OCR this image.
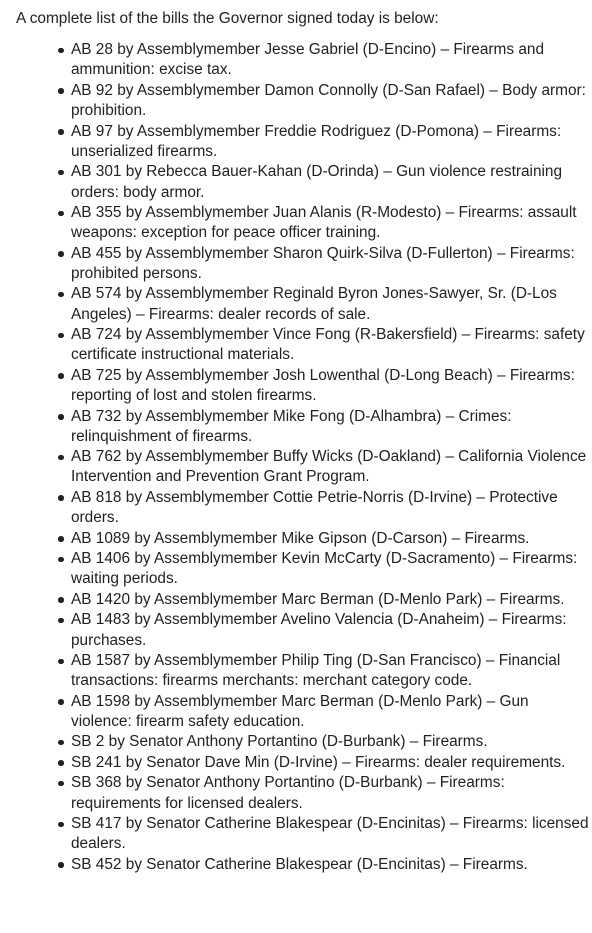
A complete list of the bills the Governor signed today is below:

AB 28 by Assemblymember Jesse Gabriel (D-Encino) – Firearms and ammunition: excise tax.
AB 92 by Assemblymember Damon Connolly (D-San Rafael) – Body armor: prohibition.
AB 97 by Assemblymember Freddie Rodriguez (D-Pomona) – Firearms: unserialized firearms.
AB 301 by Rebecca Bauer-Kahan (D-Orinda) – Gun violence restraining orders: body armor.
AB 355 by Assemblymember Juan Alanis (R-Modesto) – Firearms: assault weapons: exception for peace officer training.
AB 455 by Assemblymember Sharon Quirk-Silva (D-Fullerton) – Firearms: prohibited persons.
AB 574 by Assemblymember Reginald Byron Jones-Sawyer, Sr. (D-Los Angeles) – Firearms: dealer records of sale.
AB 724 by Assemblymember Vince Fong (R-Bakersfield) – Firearms: safety certificate instructional materials.
AB 725 by Assemblymember Josh Lowenthal (D-Long Beach) – Firearms: reporting of lost and stolen firearms.
AB 732 by Assemblymember Mike Fong (D-Alhambra) – Crimes: relinquishment of firearms.
AB 762 by Assemblymember Buffy Wicks (D-Oakland) – California Violence Intervention and Prevention Grant Program.
AB 818 by Assemblymember Cottie Petrie-Norris (D-Irvine) – Protective orders.
AB 1089 by Assemblymember Mike Gipson (D-Carson) – Firearms.
AB 1406 by Assemblymember Kevin McCarty (D-Sacramento) – Firearms: waiting periods.
AB 1420 by Assemblymember Marc Berman (D-Menlo Park) – Firearms.
AB 1483 by Assemblymember Avelino Valencia (D-Anaheim) – Firearms: purchases.
AB 1587 by Assemblymember Philip Ting (D-San Francisco) – Financial transactions: firearms merchants: merchant category code.
AB 1598 by Assemblymember Marc Berman (D-Menlo Park) – Gun violence: firearm safety education.
SB 2 by Senator Anthony Portantino (D-Burbank) – Firearms.
SB 241 by Senator Dave Min (D-Irvine) – Firearms: dealer requirements.
SB 368 by Senator Anthony Portantino (D-Burbank) – Firearms: requirements for licensed dealers.
SB 417 by Senator Catherine Blakespear (D-Encinitas) – Firearms: licensed dealers.
SB 452 by Senator Catherine Blakespear (D-Encinitas) – Firearms.
